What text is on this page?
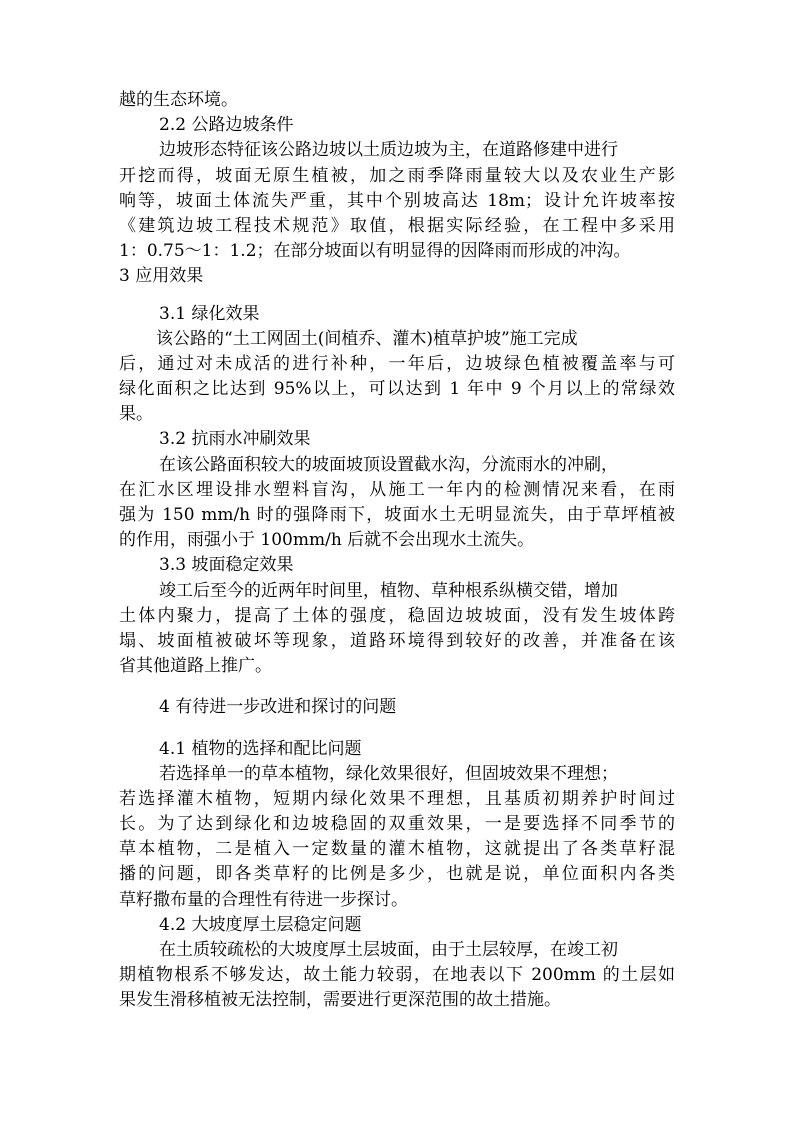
越的生态环境。
2.2 公路边坡条件
边坡形态特征该公路边坡以土质边坡为主，在道路修建中进行
开挖而得，坡面无原生植被，加之雨季降雨量较大以及农业生产影
响等，坡面土体流失严重，其中个别坡高达 18m；设计允许坡率按
《建筑边坡工程技术规范》取值，根据实际经验，在工程中多采用
1：0.75～1：1.2；在部分坡面以有明显得的因降雨而形成的冲沟。
3 应用效果
3.1 绿化效果
该公路的“土工网固土(间植乔、灌木)植草护坡”施工完成
后，通过对未成活的进行补种，一年后，边坡绿色植被覆盖率与可
绿化面积之比达到 95%以上，可以达到 1 年中 9 个月以上的常绿效
果。
3.2 抗雨水冲刷效果
在该公路面积较大的坡面坡顶设置截水沟，分流雨水的冲刷，
在汇水区埋设排水塑料盲沟，从施工一年内的检测情况来看，在雨
强为 150 mm/h 时的强降雨下，坡面水土无明显流失，由于草坪植被
的作用，雨强小于 100mm/h 后就不会出现水土流失。
3.3 坡面稳定效果
竣工后至今的近两年时间里，植物、草种根系纵横交错，增加
土体内聚力，提高了土体的强度，稳固边坡坡面，没有发生坡体跨
塌、坡面植被破坏等现象，道路环境得到较好的改善，并准备在该
省其他道路上推广。
4 有待进一步改进和探讨的问题
4.1 植物的选择和配比问题
若选择单一的草本植物，绿化效果很好，但固坡效果不理想；
若选择灌木植物，短期内绿化效果不理想，且基质初期养护时间过
长。为了达到绿化和边坡稳固的双重效果，一是要选择不同季节的
草本植物，二是植入一定数量的灌木植物，这就提出了各类草籽混
播的问题，即各类草籽的比例是多少，也就是说，单位面积内各类
草籽撒布量的合理性有待进一步探讨。
4.2 大坡度厚土层稳定问题
在土质较疏松的大坡度厚土层坡面，由于土层较厚，在竣工初
期植物根系不够发达，故土能力较弱，在地表以下 200mm 的土层如
果发生滑移植被无法控制，需要进行更深范围的故土措施。
